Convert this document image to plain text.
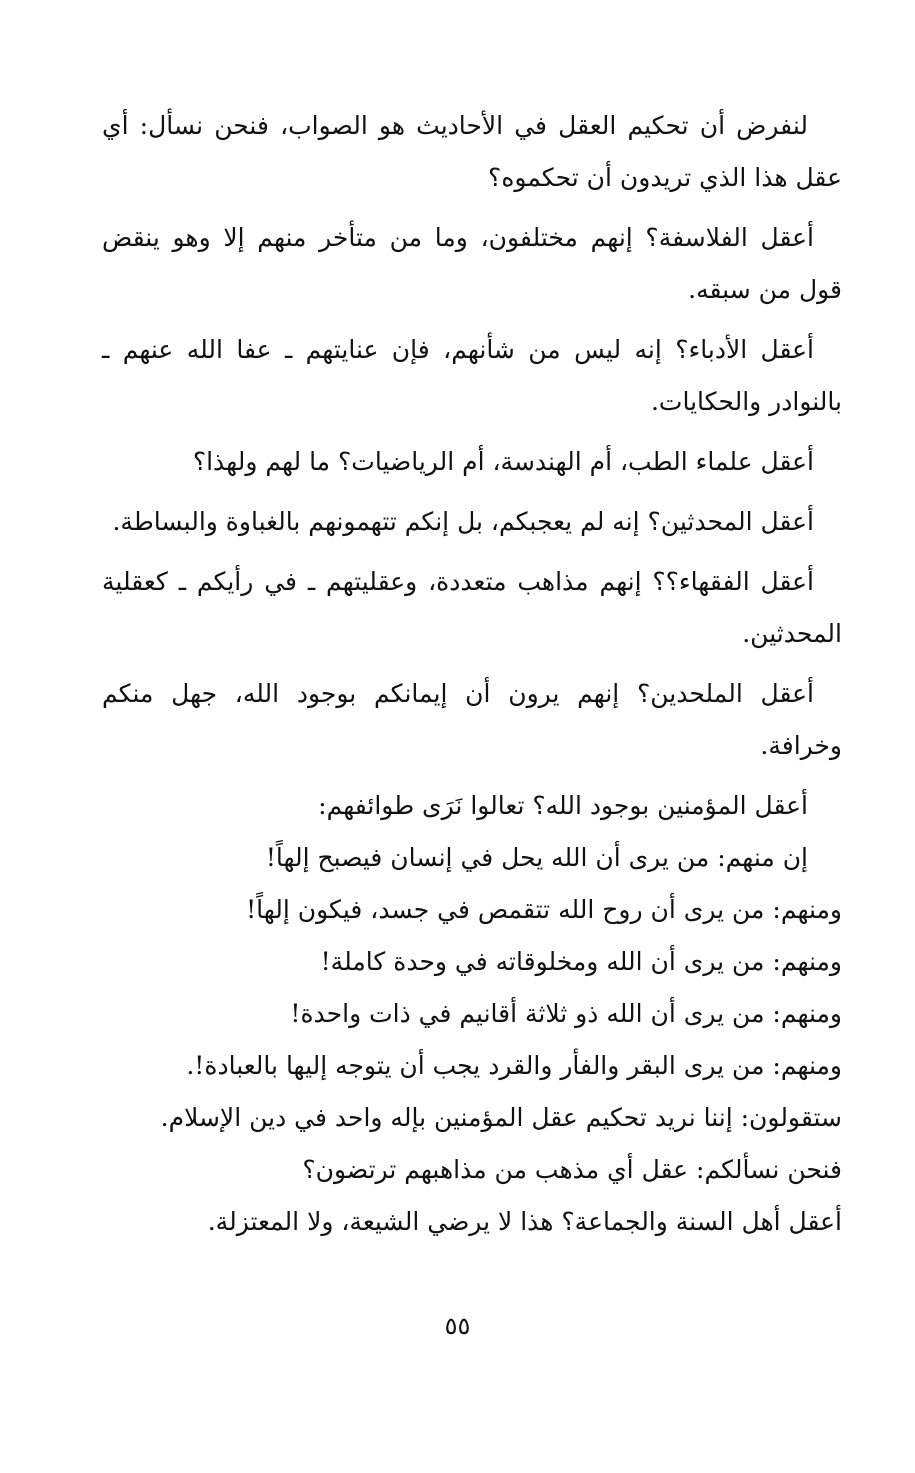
لنفرض أن تحكيم العقل في الأحاديث هو الصواب، فنحن نسأل: أي عقل هذا الذي تريدون أن تحكموه؟

أعقل الفلاسفة؟ إنهم مختلفون، وما من متأخر منهم إلا وهو ينقض قول من سبقه.

أعقل الأدباء؟ إنه ليس من شأنهم، فإن عنايتهم ـ عفا الله عنهم ـ بالنوادر والحكايات.

أعقل علماء الطب، أم الهندسة، أم الرياضيات؟ ما لهم ولهذا؟

أعقل المحدثين؟ إنه لم يعجبكم، بل إنكم تتهمونهم بالغباوة والبساطة.

أعقل الفقهاء؟؟ إنهم مذاهب متعددة، وعقليتهم ـ في رأيكم ـ كعقلية المحدثين.

أعقل الملحدين؟ إنهم يرون أن إيمانكم بوجود الله، جهل منكم وخرافة.

أعقل المؤمنين بوجود الله؟ تعالوا نَرَى طوائفهم:

إن منهم: من يرى أن الله يحل في إنسان فيصبح إلهاً!

ومنهم: من يرى أن روح الله تتقمص في جسد، فيكون إلهاً!

ومنهم: من يرى أن الله ومخلوقاته في وحدة كاملة!

ومنهم: من يرى أن الله ذو ثلاثة أقانيم في ذات واحدة!

ومنهم: من يرى البقر والفأر والقرد يجب أن يتوجه إليها بالعبادة!.

ستقولون: إننا نريد تحكيم عقل المؤمنين بإله واحد في دين الإسلام.

فنحن نسألكم: عقل أي مذهب من مذاهبهم ترتضون؟

أعقل أهل السنة والجماعة؟ هذا لا يرضي الشيعة، ولا المعتزلة.

٥٥
